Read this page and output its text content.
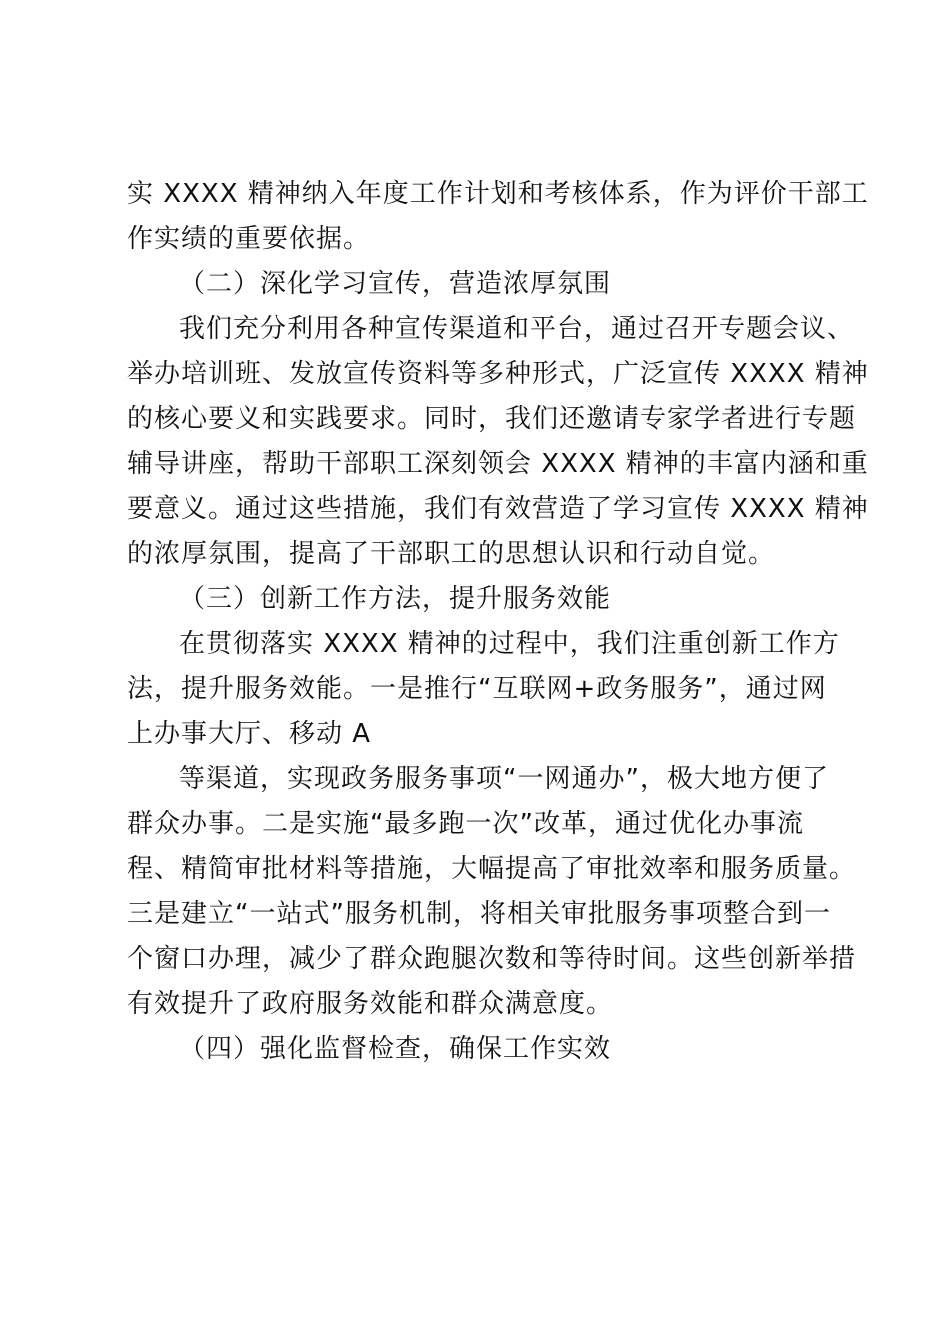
实 XXXX 精神纳入年度工作计划和考核体系，作为评价干部工
作实绩的重要依据。
（二）深化学习宣传，营造浓厚氛围
我们充分利用各种宣传渠道和平台，通过召开专题会议、
举办培训班、发放宣传资料等多种形式，广泛宣传 XXXX 精神
的核心要义和实践要求。同时，我们还邀请专家学者进行专题
辅导讲座，帮助干部职工深刻领会 XXXX 精神的丰富内涵和重
要意义。通过这些措施，我们有效营造了学习宣传 XXXX 精神
的浓厚氛围，提高了干部职工的思想认识和行动自觉。
（三）创新工作方法，提升服务效能
在贯彻落实 XXXX 精神的过程中，我们注重创新工作方
法，提升服务效能。一是推行“互联网+政务服务”，通过网
上办事大厅、移动 A
等渠道，实现政务服务事项“一网通办”，极大地方便了
群众办事。二是实施“最多跑一次”改革，通过优化办事流
程、精简审批材料等措施，大幅提高了审批效率和服务质量。
三是建立“一站式”服务机制，将相关审批服务事项整合到一
个窗口办理，减少了群众跑腿次数和等待时间。这些创新举措
有效提升了政府服务效能和群众满意度。
（四）强化监督检查，确保工作实效
